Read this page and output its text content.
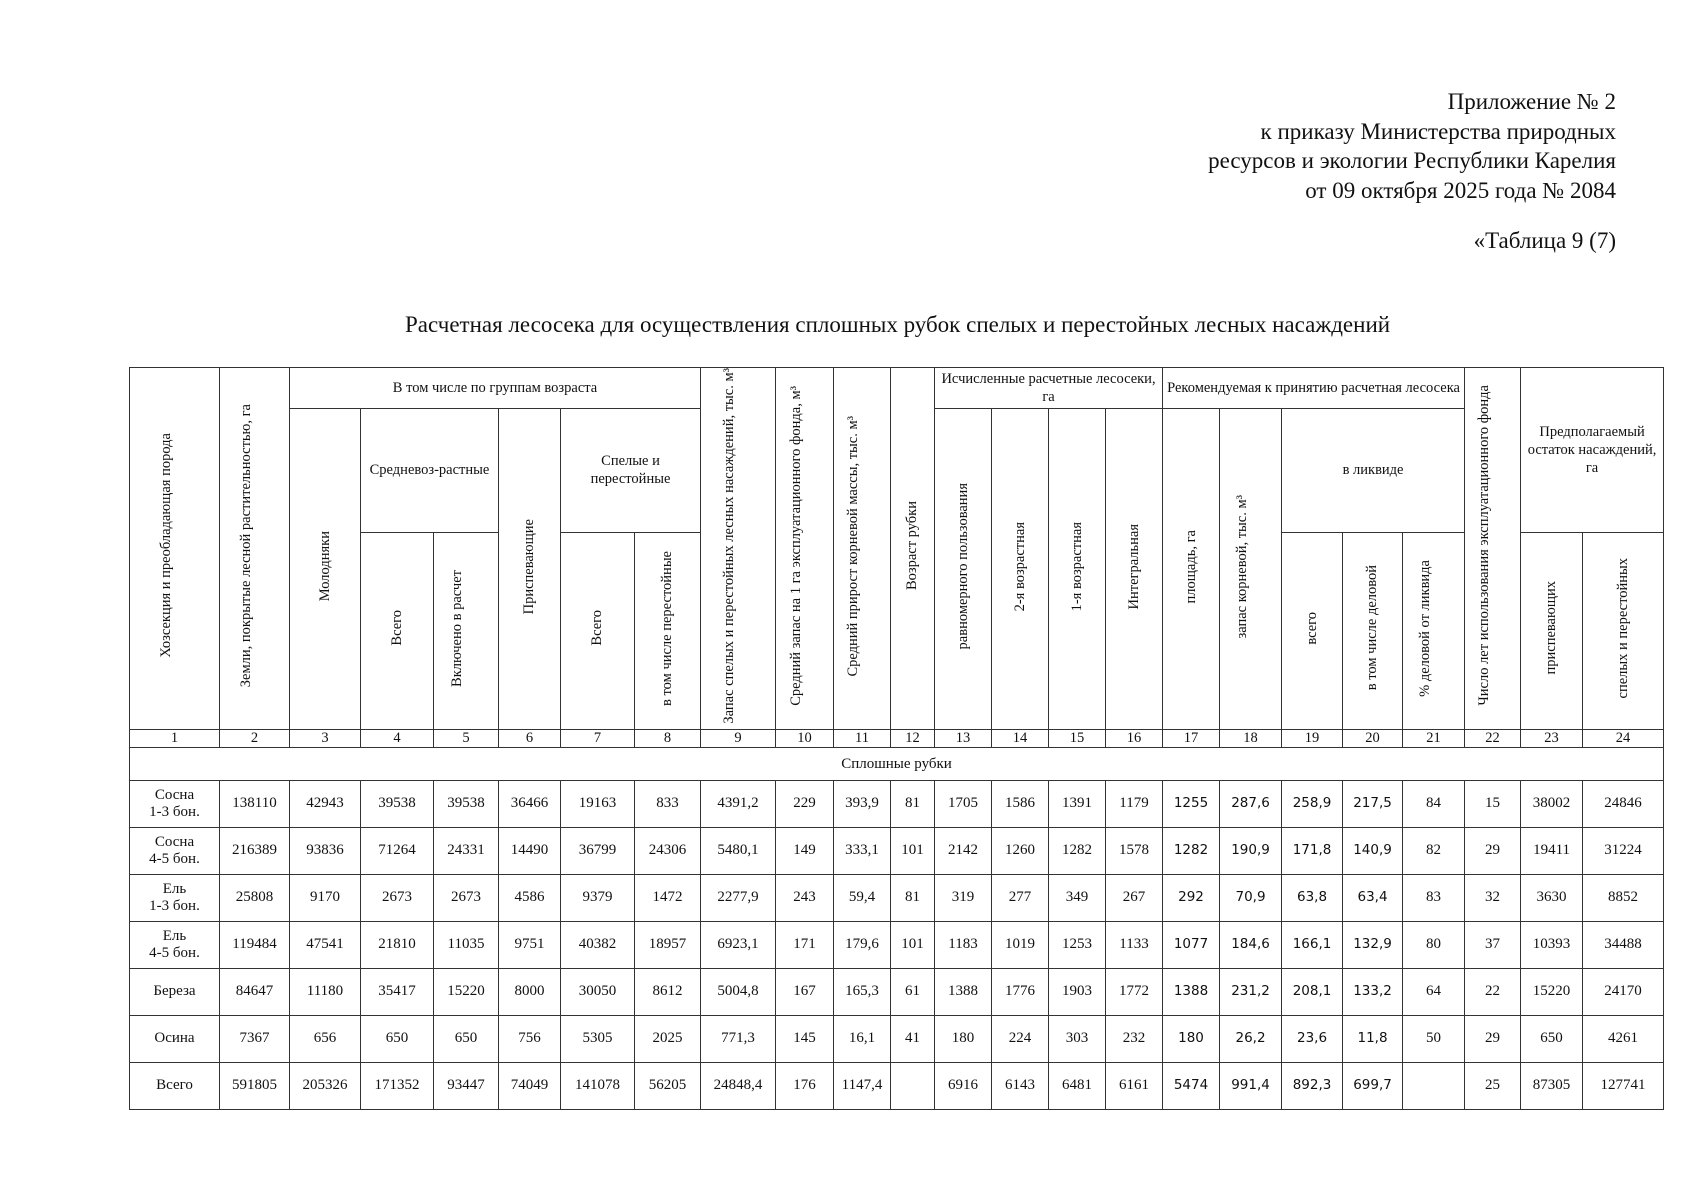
Приложение № 2
к приказу Министерства природных
ресурсов и экологии Республики Карелия
от 09 октября 2025 года № 2084
«Таблица 9 (7)
Расчетная лесосека для осуществления сплошных рубок спелых и перестойных лесных насаждений
Хозсекция и преобладающая порода	Земли, покрытые лесной растительностью, га	В том числе по группам возраста						Запас спелых и перестойных лесных насаждений, тыс. м³	Средний запас на 1 га эксплуатационного фонда, м³	Средний прирост корневой массы, тыс. м³	Возраст рубки	Исчисленные расчетные лесосеки, га				Рекомендуемая к принятию расчетная лесосека					Число лет использования эксплуатационного фонда	Предполагаемый остаток насаждений, га	
		Молодняки	Средневоз-растные		Приспевающие	Спелые и перестойные						равномерного пользования	2-я возрастная	1-я возрастная	Интегральная	площадь, га	запас корневой, тыс. м³	в ликвиде					
			Всего	Включено в расчет		Всего	в том числе перестойные											всего	в том числе деловой	% деловой от ликвида		приспевающих	спелых и перестойных
1	2	3	4	5	6	7	8	9	10	11	12	13	14	15	16	17	18	19	20	21	22	23	24
Сплошные рубки																							

Сосна
1-3 бон.	138110	42943	39538	39538	36466	19163	833	4391,2	229	393,9	81	1705	1586	1391	1179	1255	287,6	258,9	217,5	84	15	38002	24846

Сосна
4-5 бон.	216389	93836	71264	24331	14490	36799	24306	5480,1	149	333,1	101	2142	1260	1282	1578	1282	190,9	171,8	140,9	82	29	19411	31224

Ель
1-3 бон.	25808	9170	2673	2673	4586	9379	1472	2277,9	243	59,4	81	319	277	349	267	292	70,9	63,8	63,4	83	32	3630	8852

Ель
4-5 бон.	119484	47541	21810	11035	9751	40382	18957	6923,1	171	179,6	101	1183	1019	1253	1133	1077	184,6	166,1	132,9	80	37	10393	34488

Береза	84647	11180	35417	15220	8000	30050	8612	5004,8	167	165,3	61	1388	1776	1903	1772	1388	231,2	208,1	133,2	64	22	15220	24170

Осина	7367	656	650	650	756	5305	2025	771,3	145	16,1	41	180	224	303	232	180	26,2	23,6	11,8	50	29	650	4261

Всего	591805	205326	171352	93447	74049	141078	56205	24848,4	176	1147,4		6916	6143	6481	6161	5474	991,4	892,3	699,7		25	87305	127741
